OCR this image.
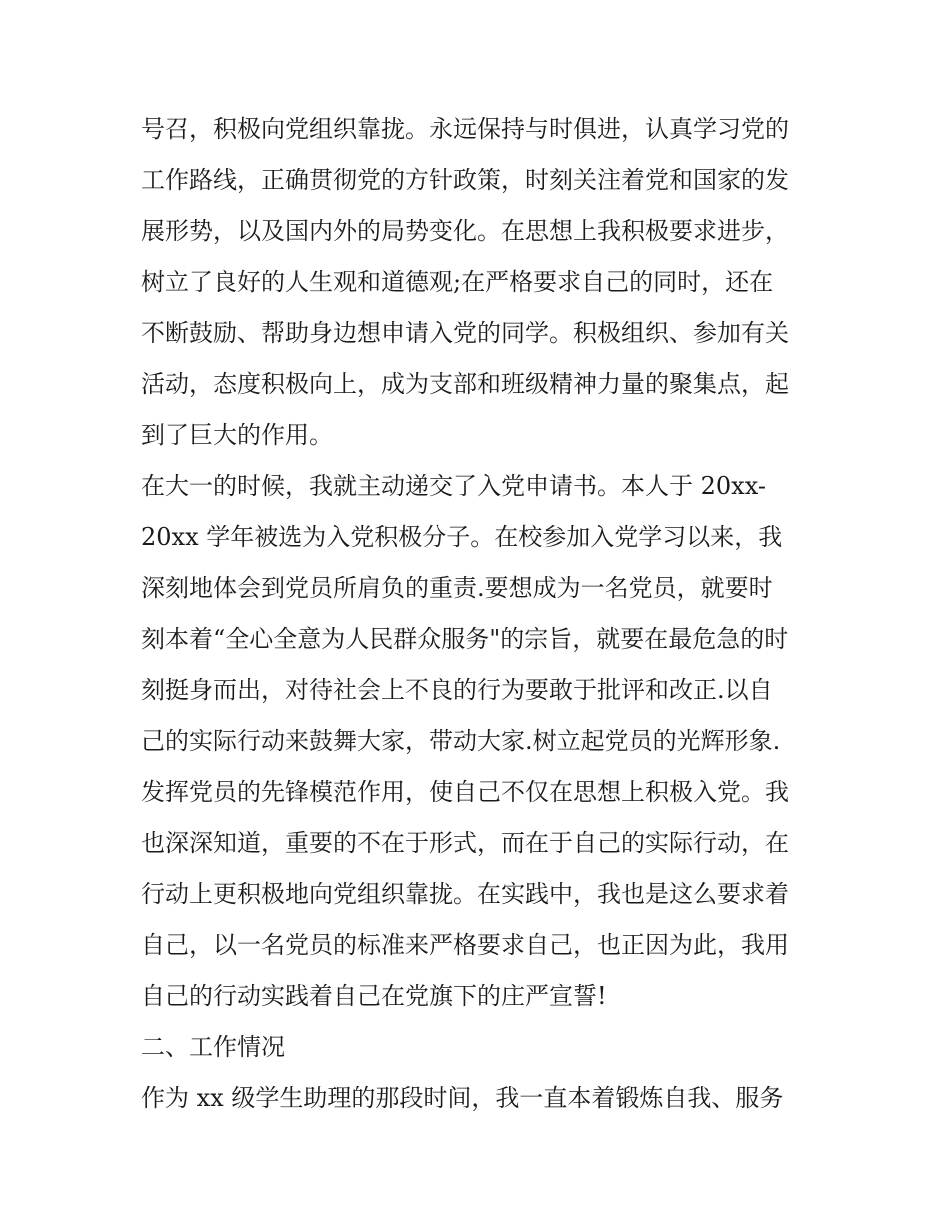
号召，积极向党组织靠拢。永远保持与时俱进，认真学习党的
工作路线，正确贯彻党的方针政策，时刻关注着党和国家的发
展形势，以及国内外的局势变化。在思想上我积极要求进步，
树立了良好的人生观和道德观;在严格要求自己的同时，还在
不断鼓励、帮助身边想申请入党的同学。积极组织、参加有关
活动，态度积极向上，成为支部和班级精神力量的聚集点，起
到了巨大的作用。
在大一的时候，我就主动递交了入党申请书。本人于 20xx-
20xx 学年被选为入党积极分子。在校参加入党学习以来，我
深刻地体会到党员所肩负的重责.要想成为一名党员，就要时
刻本着“全心全意为人民群众服务"的宗旨，就要在最危急的时
刻挺身而出，对待社会上不良的行为要敢于批评和改正.以自
己的实际行动来鼓舞大家，带动大家.树立起党员的光辉形象.
发挥党员的先锋模范作用，使自己不仅在思想上积极入党。我
也深深知道，重要的不在于形式，而在于自己的实际行动，在
行动上更积极地向党组织靠拢。在实践中，我也是这么要求着
自己，以一名党员的标准来严格要求自己，也正因为此，我用
自己的行动实践着自己在党旗下的庄严宣誓!
二、工作情况
作为 xx 级学生助理的那段时间，我一直本着锻炼自我、服务
